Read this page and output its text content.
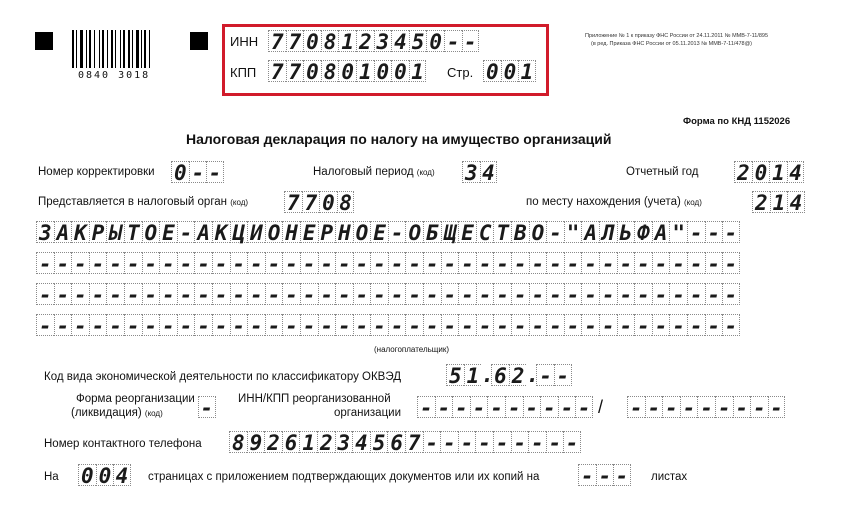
0840 3018
ИНН 7 7 0 8 1 2 3 4 5 0 - -
КПП 7 7 0 8 0 1 0 0 1 Стр. 0 0 1
Приложение № 1 к приказу ФНС России от 24.11.2011 № ММВ-7-11/895
(в ред. Приказа ФНС России от 05.11.2013 № ММВ-7-11/478@)
Форма по КНД 1152026
Налоговая декларация по налогу на имущество организаций
Номер корректировки 0 - -	Налоговый период (код) 3 4	Отчетный год 2 0 1 4
Представляется в налоговый орган (код) 7 7 0 8	по месту нахождения (учета) (код)	2 1 4
З А К Р Ы Т О Е - А К Ц И О Н Е Р Н О Е - О Б Щ Е С Т В О - " А Л Ь Ф А " - - -
- - - - - - - - - - - - - - - - - - - - - - - - - - - - - - - - - - - - - - - -
- - - - - - - - - - - - - - - - - - - - - - - - - - - - - - - - - - - - - - - -
- - - - - - - - - - - - - - - - - - - - - - - - - - - - - - - - - - - - - - - -
(налогоплательщик)
Код вида экономической деятельности по классификатору ОКВЭД 5 1 . 6 2 . - -
Форма реорганизации
(ликвидация) (код) - ИНН/КПП реорганизованной
организации - - - - - - - - - - / - - - - - - - - -
Номер контактного телефона 8 9 2 6 1 2 3 4 5 6 7 - - - - - - - - -
На 0 0 4 страницах с приложением подтверждающих документов или их копий на - - - листах
